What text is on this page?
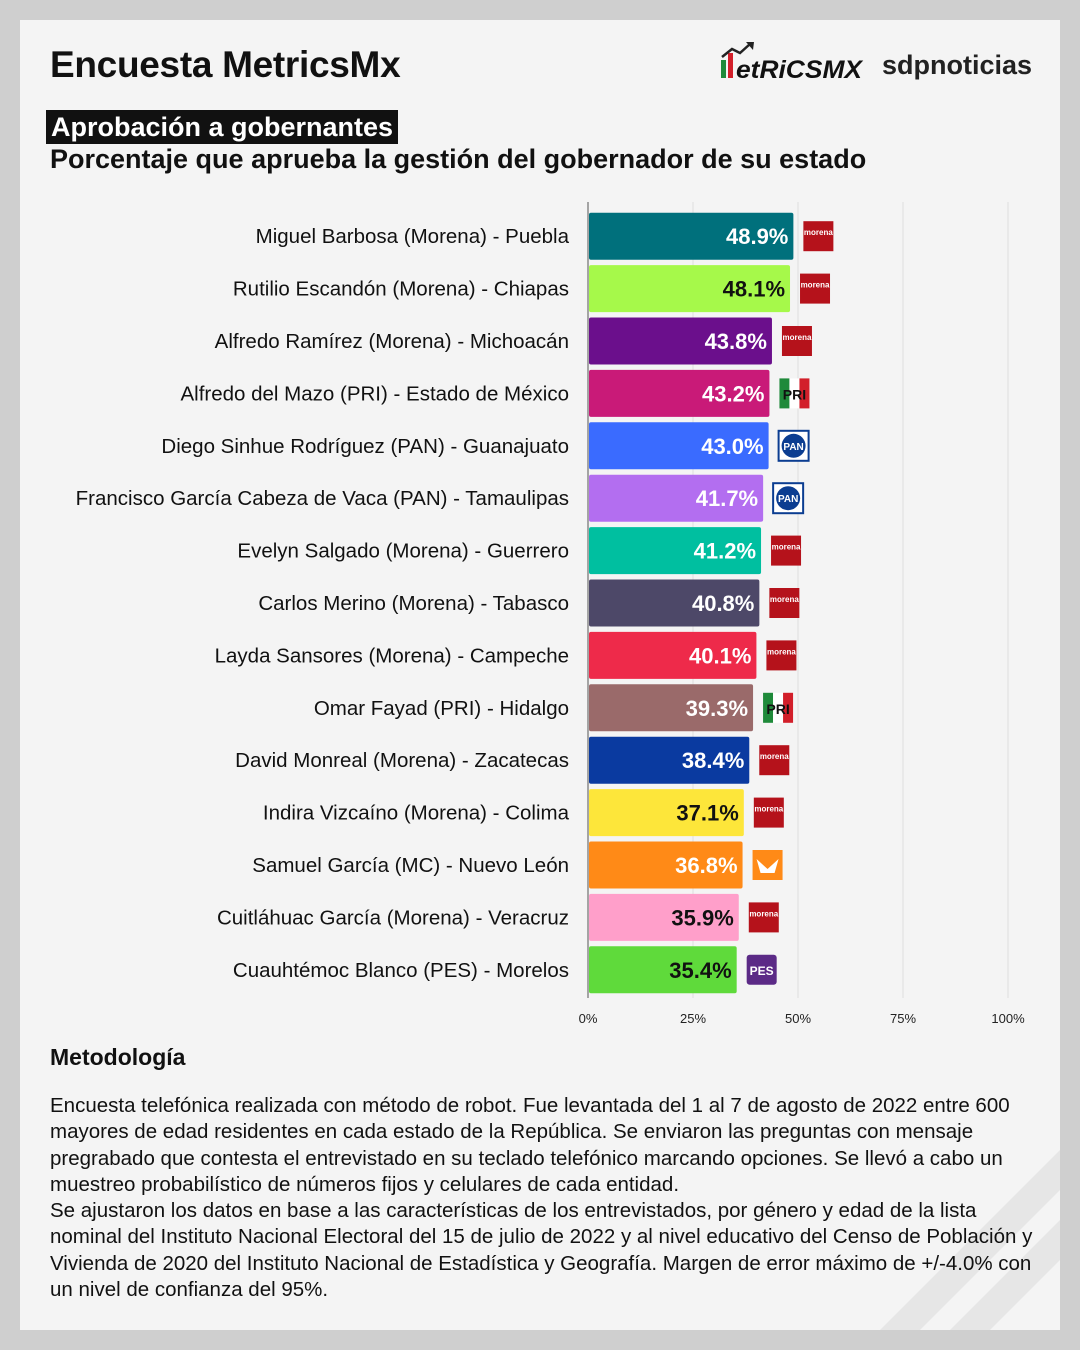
Encuesta MetricsMx	etRiCSMX sdpnoticias
Aprobación a gobernantes
Porcentaje que aprueba la gestión del gobernador de su estado
0%	25%	50%	75%	100%
Miguel Barbosa (Morena) - Puebla	48.9% morena
Rutilio Escandón (Morena) - Chiapas	48.1% morena
Alfredo Ramírez (Morena) - Michoacán	43.8% morena
Alfredo del Mazo (PRI) - Estado de México	43.2% PRI
Diego Sinhue Rodríguez (PAN) - Guanajuato	43.0% PAN
Francisco García Cabeza de Vaca (PAN) - Tamaulipas	41.7% PAN
Evelyn Salgado (Morena) - Guerrero	41.2% morena
Carlos Merino (Morena) - Tabasco	40.8% morena
Layda Sansores (Morena) - Campeche	40.1% morena
Omar Fayad (PRI) - Hidalgo	39.3% PRI
David Monreal (Morena) - Zacatecas	38.4% morena
Indira Vizcaíno (Morena) - Colima	37.1% morena
Samuel García (MC) - Nuevo León	36.8%
Cuitláhuac García (Morena) - Veracruz	35.9% morena
Cuauhtémoc Blanco (PES) - Morelos	35.4% PES
Metodología

Encuesta telefónica realizada con método de robot. Fue levantada del 1 al 7 de agosto de 2022 entre 600 mayores de edad residentes en cada estado de la República. Se enviaron las preguntas con mensaje pregrabado que contesta el entrevistado en su teclado telefónico marcando opciones. Se llevó a cabo un muestreo probabilístico de números fijos y celulares de cada entidad.

Se ajustaron los datos en base a las características de los entrevistados, por género y edad de la lista nominal del Instituto Nacional Electoral del 15 de julio de 2022 y al nivel educativo del Censo de Población y Vivienda de 2020 del Instituto Nacional de Estadística y Geografía. Margen de error máximo de +/-4.0% con un nivel de confianza del 95%.
